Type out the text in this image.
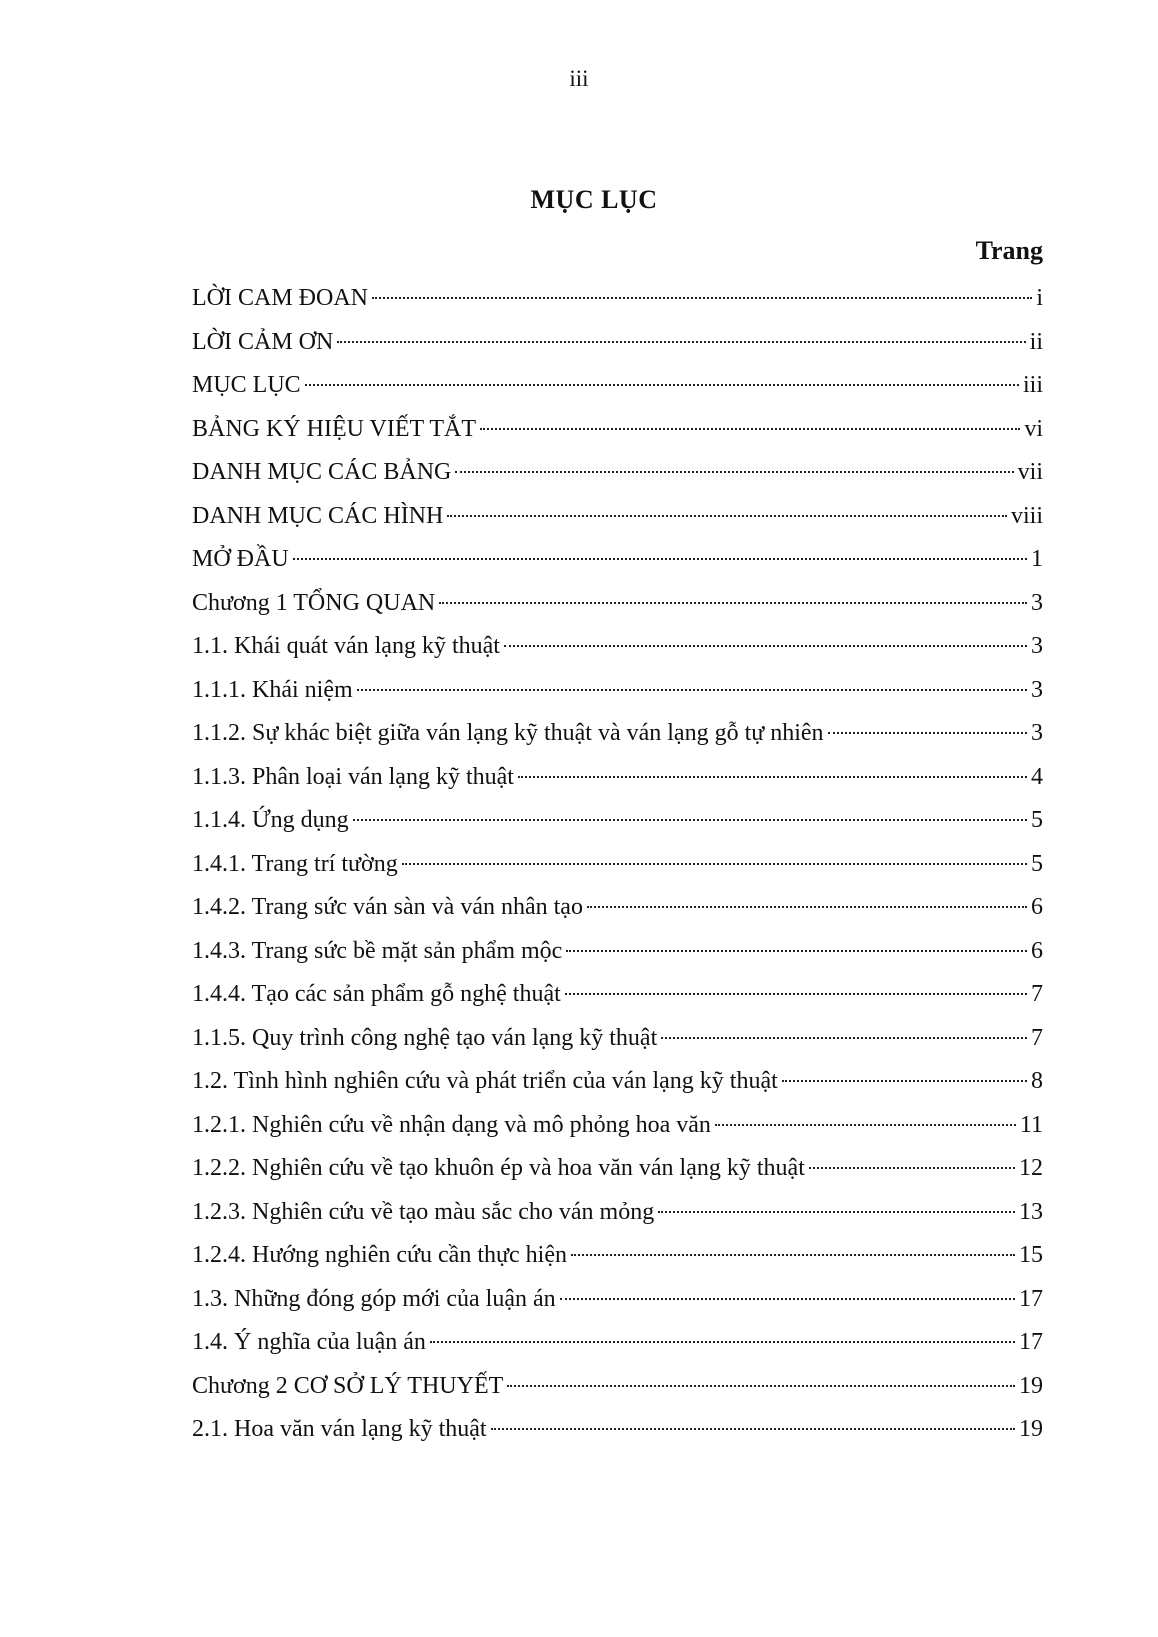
iii
MỤC LỤC
Trang
LỜI CAM ĐOAN	i
LỜI CẢM ƠN	ii
MỤC LỤC	iii
BẢNG KÝ HIỆU VIẾT TẮT	vi
DANH MỤC CÁC BẢNG	vii
DANH MỤC CÁC HÌNH	viii
MỞ ĐẦU	1
Chương 1 TỔNG QUAN	3
1.1. Khái quát ván lạng kỹ thuật	3
1.1.1. Khái niệm	3
1.1.2. Sự khác biệt giữa ván lạng kỹ thuật và ván lạng gỗ tự nhiên	3
1.1.3. Phân loại ván lạng kỹ thuật	4
1.1.4. Ứng dụng	5
1.4.1. Trang trí tường	5
1.4.2. Trang sức ván sàn và ván nhân tạo	6
1.4.3. Trang sức bề mặt sản phẩm mộc	6
1.4.4. Tạo các sản phẩm gỗ nghệ thuật	7
1.1.5. Quy trình công nghệ tạo ván lạng kỹ thuật	7
1.2. Tình hình nghiên cứu và phát triển của ván lạng kỹ thuật	8
1.2.1. Nghiên cứu về nhận dạng và mô phỏng hoa văn	11
1.2.2. Nghiên cứu về tạo khuôn ép và hoa văn ván lạng kỹ thuật	12
1.2.3. Nghiên cứu về tạo màu sắc cho ván mỏng	13
1.2.4. Hướng nghiên cứu cần thực hiện	15
1.3. Những đóng góp mới của luận án	17
1.4. Ý nghĩa của luận án	17
Chương 2 CƠ SỞ LÝ THUYẾT	19
2.1. Hoa văn ván lạng kỹ thuật	19
